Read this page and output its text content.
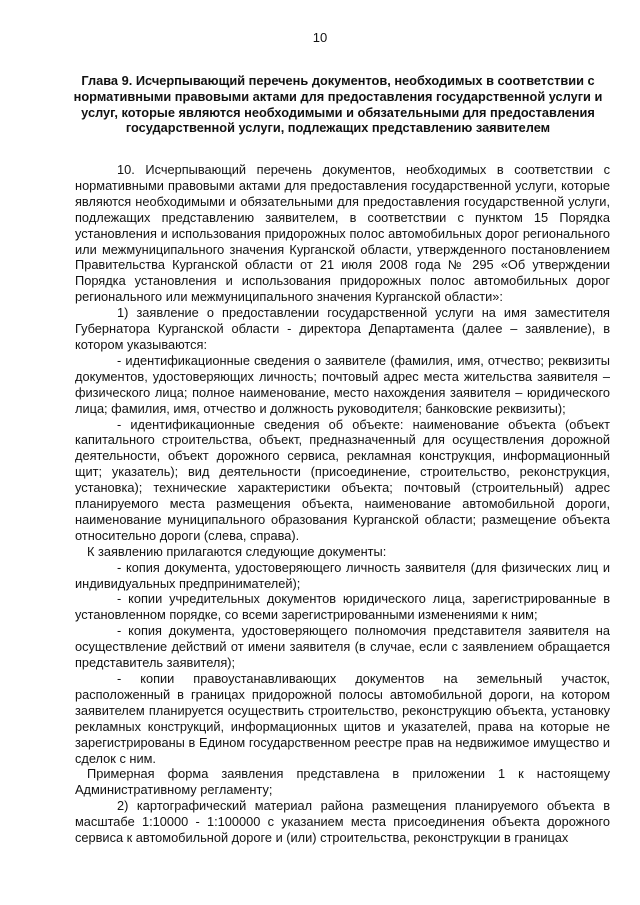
10
Глава 9. Исчерпывающий перечень документов, необходимых в соответствии с нормативными правовыми актами для предоставления государственной услуги и услуг, которые являются необходимыми и обязательными для предоставления государственной услуги, подлежащих представлению заявителем

10. Исчерпывающий перечень документов, необходимых в соответствии с нормативными правовыми актами для предоставления государственной услуги, которые являются необходимыми и обязательными для предоставления государственной услуги, подлежащих представлению заявителем, в соответствии с пунктом 15 Порядка установления и использования придорожных полос автомобильных дорог регионального или межмуниципального значения Курганской области, утвержденного постановлением Правительства Курганской области от 21 июля 2008 года № 295 «Об утверждении Порядка установления и использования придорожных полос автомобильных дорог регионального или межмуниципального значения Курганской области»:

1) заявление о предоставлении государственной услуги на имя заместителя Губернатора Курганской области - директора Департамента (далее – заявление), в котором указываются:

- идентификационные сведения о заявителе (фамилия, имя, отчество; реквизиты документов, удостоверяющих личность; почтовый адрес места жительства заявителя – физического лица; полное наименование, место нахождения заявителя – юридического лица; фамилия, имя, отчество и должность руководителя; банковские реквизиты);

- идентификационные сведения об объекте: наименование объекта (объект капитального строительства, объект, предназначенный для осуществления дорожной деятельности, объект дорожного сервиса, рекламная конструкция, информационный щит; указатель); вид деятельности (присоединение, строительство, реконструкция, установка); технические характеристики объекта; почтовый (строительный) адрес планируемого места размещения объекта, наименование автомобильной дороги, наименование муниципального образования Курганской области; размещение объекта относительно дороги (слева, справа).

К заявлению прилагаются следующие документы:

- копия документа, удостоверяющего личность заявителя (для физических лиц и индивидуальных предпринимателей);

- копии учредительных документов юридического лица, зарегистрированные в установленном порядке, со всеми зарегистрированными изменениями к ним;

- копия документа, удостоверяющего полномочия представителя заявителя на осуществление действий от имени заявителя (в случае, если с заявлением обращается представитель заявителя);

- копии правоустанавливающих документов на земельный участок, расположенный в границах придорожной полосы автомобильной дороги, на котором заявителем планируется осуществить строительство, реконструкцию объекта, установку рекламных конструкций, информационных щитов и указателей, права на которые не зарегистрированы в Едином государственном реестре прав на недвижимое имущество и сделок с ним.

Примерная форма заявления представлена в приложении 1 к настоящему Административному регламенту;

2) картографический материал района размещения планируемого объекта в масштабе 1:10000 - 1:100000 с указанием места присоединения объекта дорожного сервиса к автомобильной дороге и (или) строительства, реконструкции в границах
